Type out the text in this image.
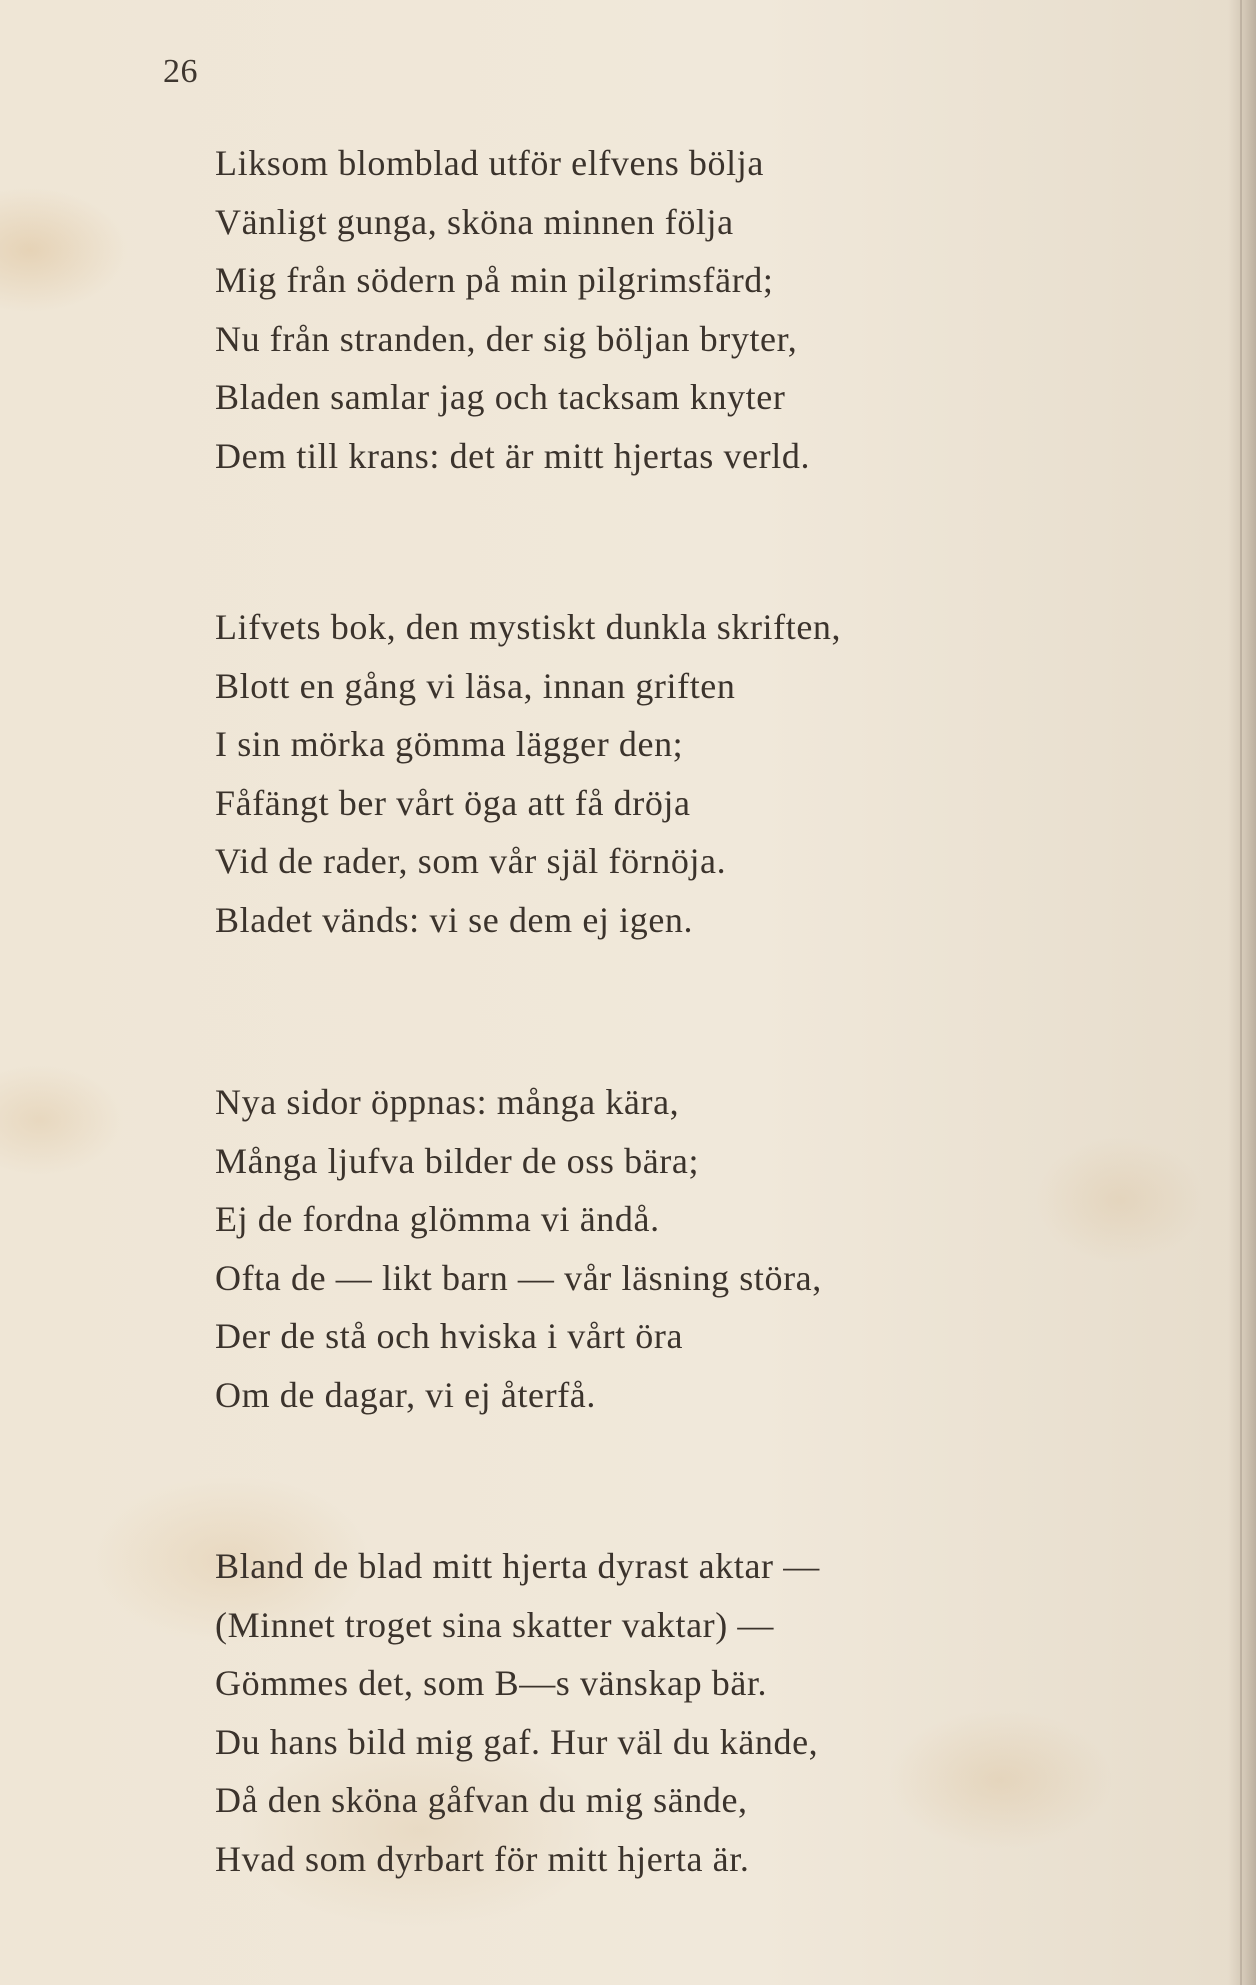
26
Liksom blomblad utför elfvens bölja
Vänligt gunga, sköna minnen följa
Mig från södern på min pilgrimsfärd;
Nu från stranden, der sig böljan bryter,
Bladen samlar jag och tacksam knyter
Dem till krans: det är mitt hjertas verld.
Lifvets bok, den mystiskt dunkla skriften,
Blott en gång vi läsa, innan griften
I sin mörka gömma lägger den;
Fåfängt ber vårt öga att få dröja
Vid de rader, som vår själ förnöja.
Bladet vänds: vi se dem ej igen.
Nya sidor öppnas: många kära,
Många ljufva bilder de oss bära;
Ej de fordna glömma vi ändå.
Ofta de — likt barn — vår läsning störa,
Der de stå och hviska i vårt öra
Om de dagar, vi ej återfå.
Bland de blad mitt hjerta dyrast aktar —
(Minnet troget sina skatter vaktar) —
Gömmes det, som B—s vänskap bär.
Du hans bild mig gaf. Hur väl du kände,
Då den sköna gåfvan du mig sände,
Hvad som dyrbart för mitt hjerta är.
